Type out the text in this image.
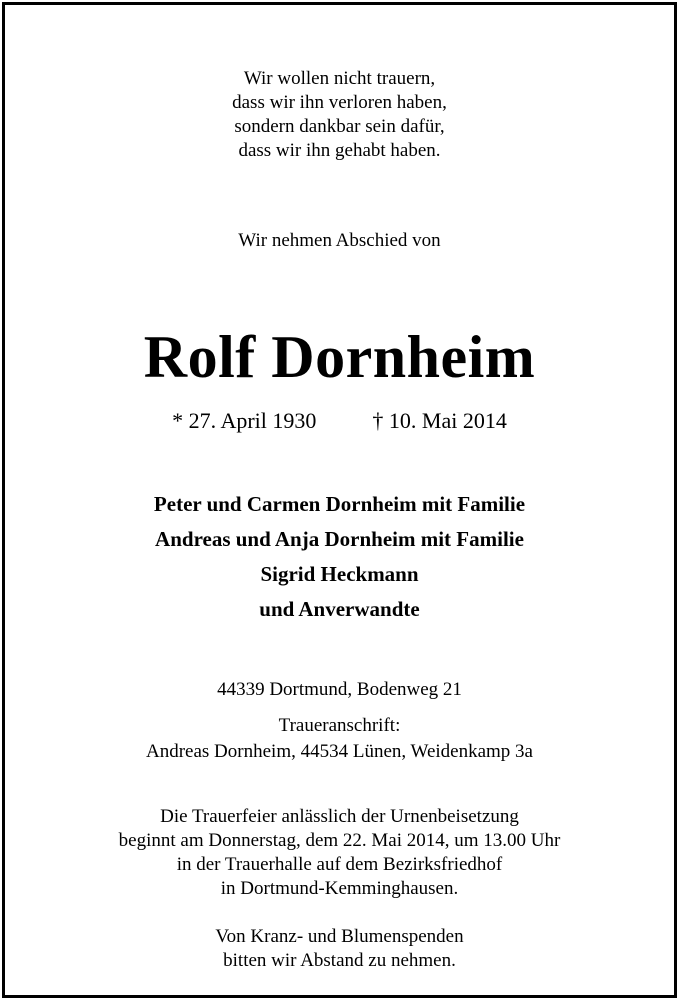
Wir wollen nicht trauern,
dass wir ihn verloren haben,
sondern dankbar sein dafür,
dass wir ihn gehabt haben.
Wir nehmen Abschied von
Rolf Dornheim
* 27. April 1930	† 10. Mai 2014
Peter und Carmen Dornheim mit Familie
Andreas und Anja Dornheim mit Familie
Sigrid Heckmann
und Anverwandte
44339 Dortmund, Bodenweg 21
Traueranschrift:
Andreas Dornheim, 44534 Lünen, Weidenkamp 3a
Die Trauerfeier anlässlich der Urnenbeisetzung
beginnt am Donnerstag, dem 22. Mai 2014, um 13.00 Uhr
in der Trauerhalle auf dem Bezirksfriedhof
in Dortmund-Kemminghausen.
Von Kranz- und Blumenspenden
bitten wir Abstand zu nehmen.
